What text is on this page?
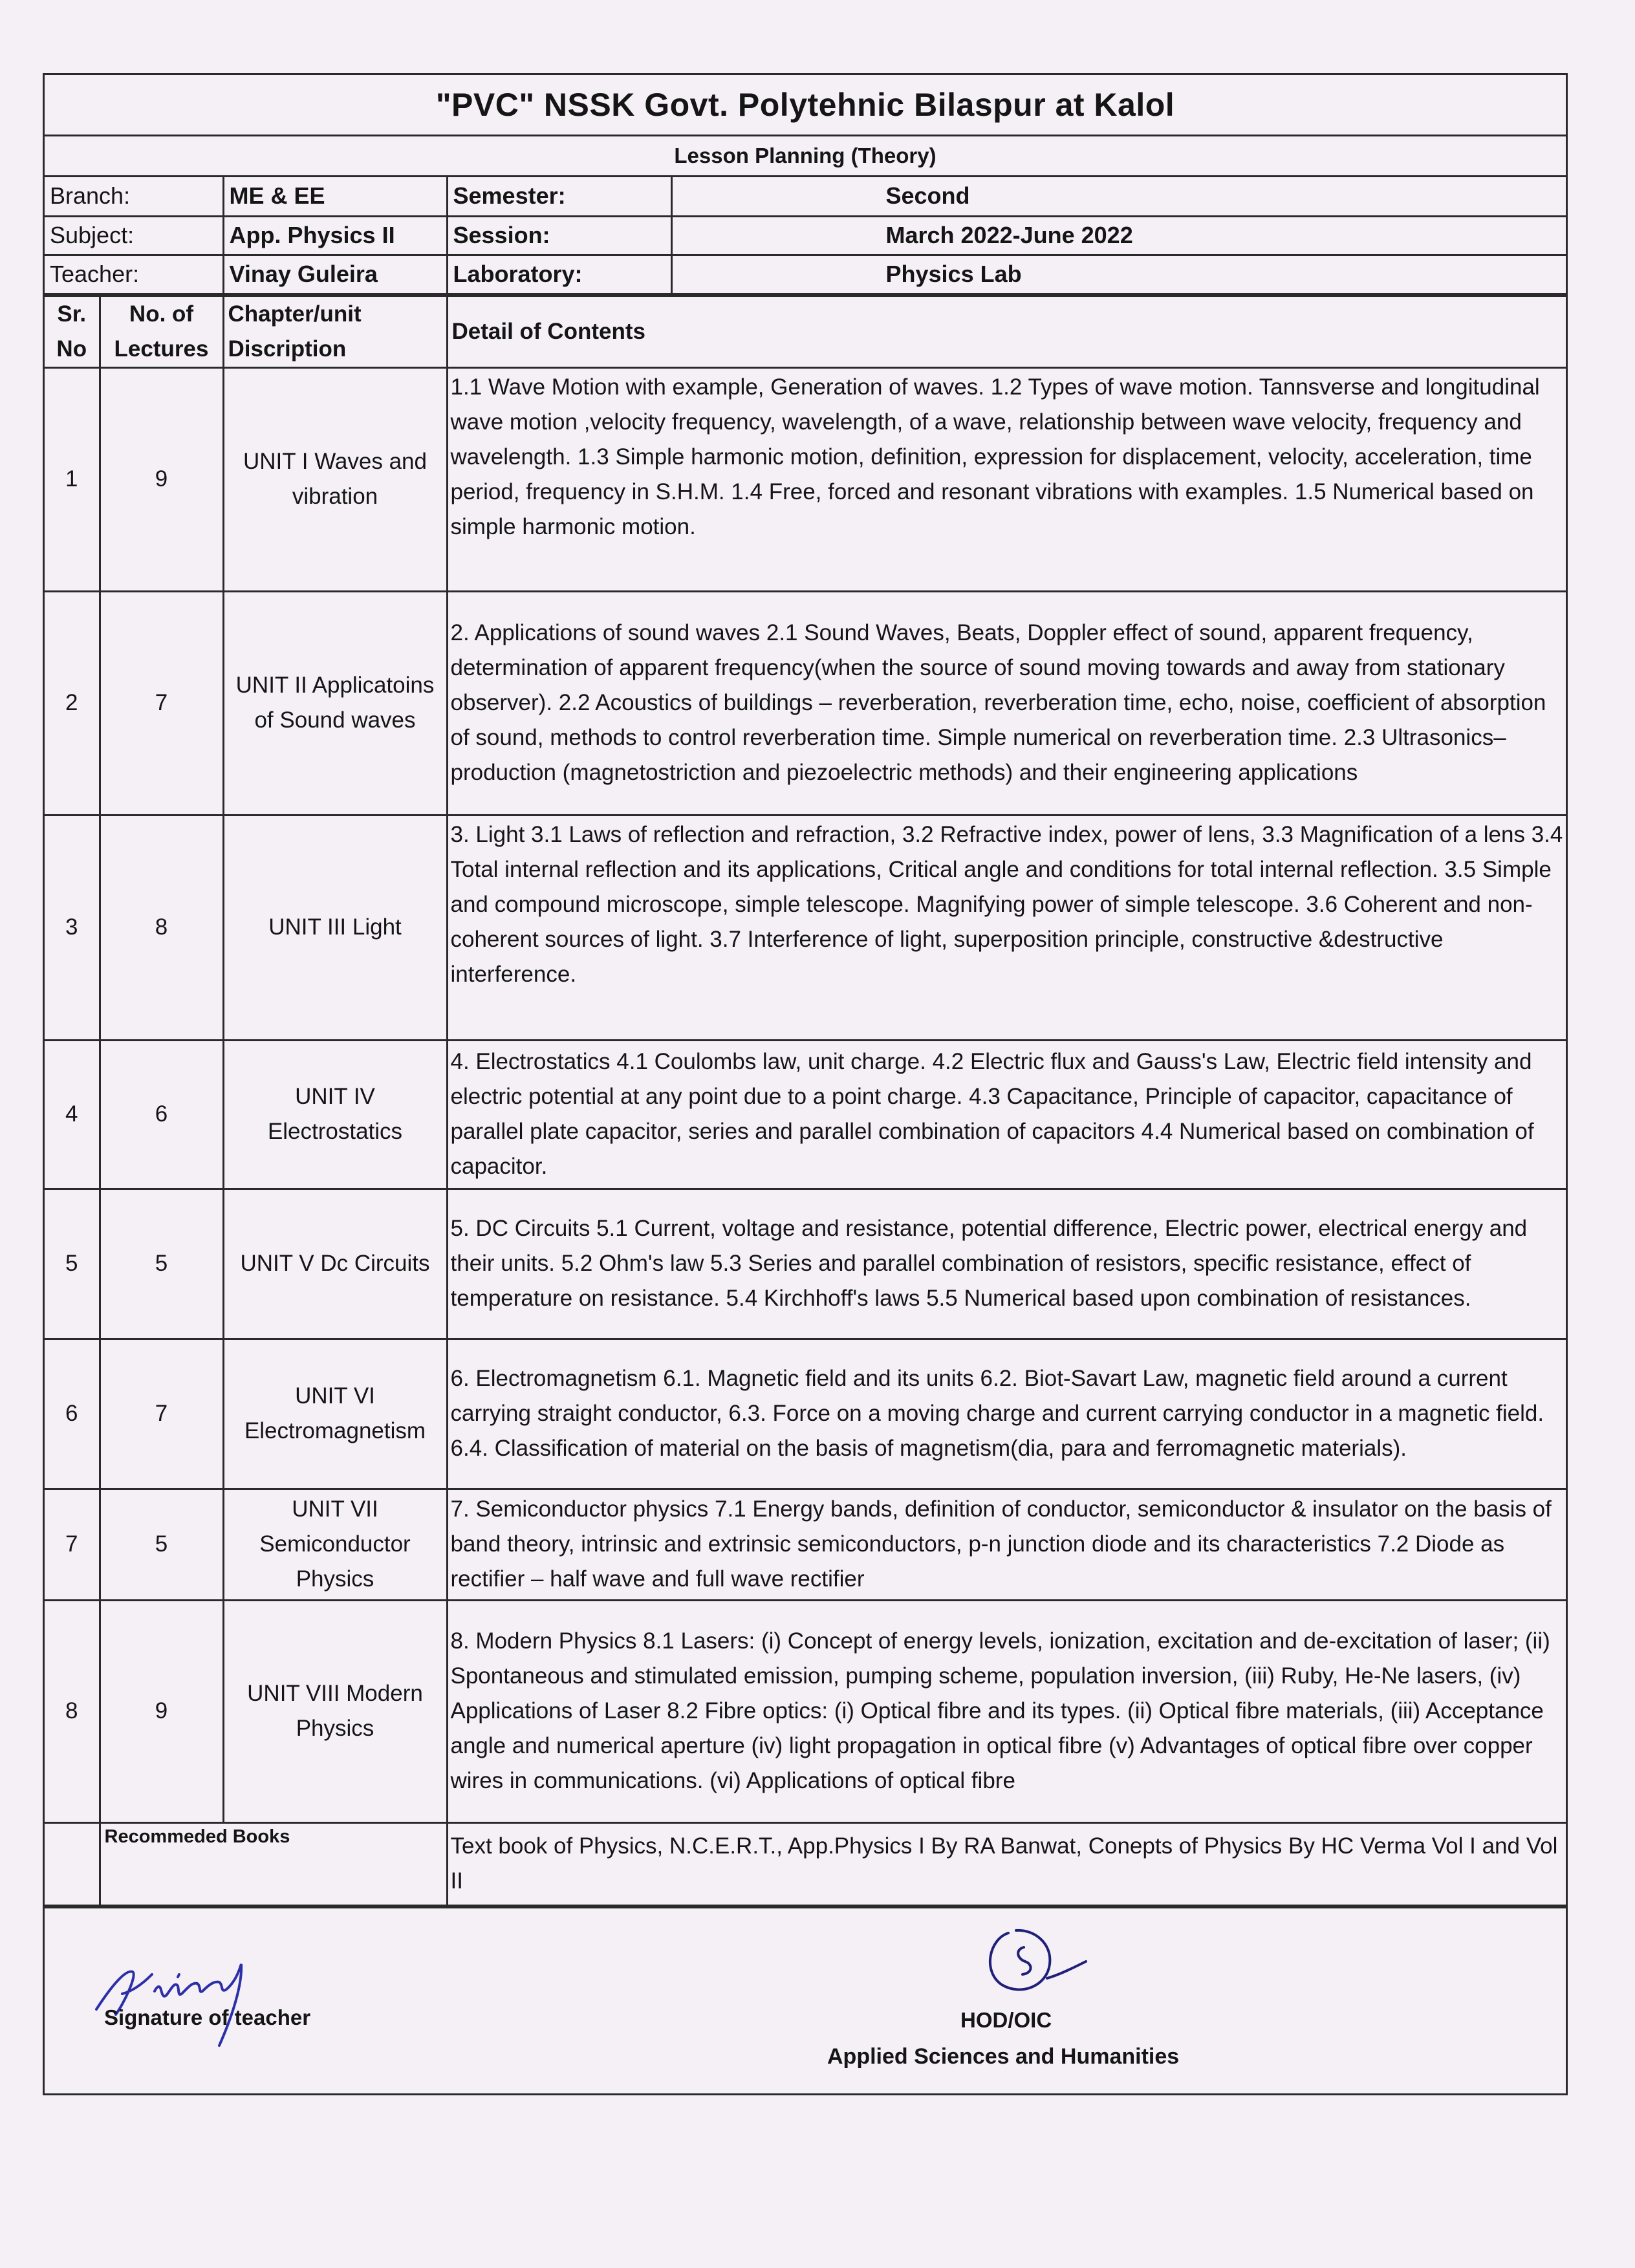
"PVC" NSSK Govt. Polytehnic Bilaspur at Kalol
Lesson Planning (Theory)
Branch:	ME & EE	Semester:	Second
Subject:	App. Physics II	Session:	March 2022-June 2022
Teacher:	Vinay Guleira	Laboratory:	Physics Lab
Sr. No	No. of Lectures	Chapter/unit Discription	Detail of Contents
1	9	UNIT I Waves and vibration	1.1 Wave Motion with example, Generation of waves. 1.2 Types of wave motion. Tannsverse and longitudinal wave motion ,velocity frequency, wavelength, of a wave, relationship between wave velocity, frequency and wavelength. 1.3 Simple harmonic motion, definition, expression for displacement, velocity, acceleration, time period, frequency in S.H.M. 1.4 Free, forced and resonant vibrations with examples. 1.5 Numerical based on simple harmonic motion.
2	7	UNIT II Applicatoins of Sound waves	2. Applications of sound waves 2.1 Sound Waves, Beats, Doppler effect of sound, apparent frequency, determination of apparent frequency(when the source of sound moving towards and away from stationary observer). 2.2 Acoustics of buildings – reverberation, reverberation time, echo, noise, coefficient of absorption of sound, methods to control reverberation time. Simple numerical on reverberation time. 2.3 Ultrasonics– production (magnetostriction and piezoelectric methods) and their engineering applications
3	8	UNIT III Light	3. Light 3.1 Laws of reflection and refraction, 3.2 Refractive index, power of lens, 3.3 Magnification of a lens 3.4 Total internal reflection and its applications, Critical angle and conditions for total internal reflection. 3.5 Simple and compound microscope, simple telescope. Magnifying power of simple telescope. 3.6 Coherent and non-coherent sources of light. 3.7 Interference of light, superposition principle, constructive &destructive interference.
4	6	UNIT IV Electrostatics	4. Electrostatics 4.1 Coulombs law, unit charge. 4.2 Electric flux and Gauss's Law, Electric field intensity and electric potential at any point due to a point charge. 4.3 Capacitance, Principle of capacitor, capacitance of parallel plate capacitor, series and parallel combination of capacitors 4.4 Numerical based on combination of capacitor.
5	5	UNIT V Dc Circuits	5. DC Circuits 5.1 Current, voltage and resistance, potential difference, Electric power, electrical energy and their units. 5.2 Ohm's law 5.3 Series and parallel combination of resistors, specific resistance, effect of temperature on resistance. 5.4 Kirchhoff's laws 5.5 Numerical based upon combination of resistances.
6	7	UNIT VI Electromagnetism	6. Electromagnetism 6.1. Magnetic field and its units 6.2. Biot-Savart Law, magnetic field around a current carrying straight conductor, 6.3. Force on a moving charge and current carrying conductor in a magnetic field. 6.4. Classification of material on the basis of magnetism(dia, para and ferromagnetic materials).
7	5	UNIT VII Semiconductor Physics	7. Semiconductor physics 7.1 Energy bands, definition of conductor, semiconductor & insulator on the basis of band theory, intrinsic and extrinsic semiconductors, p-n junction diode and its characteristics 7.2 Diode as rectifier – half wave and full wave rectifier
8	9	UNIT VIII Modern Physics	8. Modern Physics 8.1 Lasers: (i) Concept of energy levels, ionization, excitation and de-excitation of laser; (ii) Spontaneous and stimulated emission, pumping scheme, population inversion, (iii) Ruby, He-Ne lasers, (iv) Applications of Laser 8.2 Fibre optics: (i) Optical fibre and its types. (ii) Optical fibre materials, (iii) Acceptance angle and numerical aperture (iv) light propagation in optical fibre (v) Advantages of optical fibre over copper wires in communications. (vi) Applications of optical fibre
	Recommeded Books		Text book of Physics, N.C.E.R.T., App.Physics I By RA Banwat, Conepts of Physics By HC Verma Vol I and Vol II
Signature of teacher	HOD/OIC
Applied Sciences and Humanities
